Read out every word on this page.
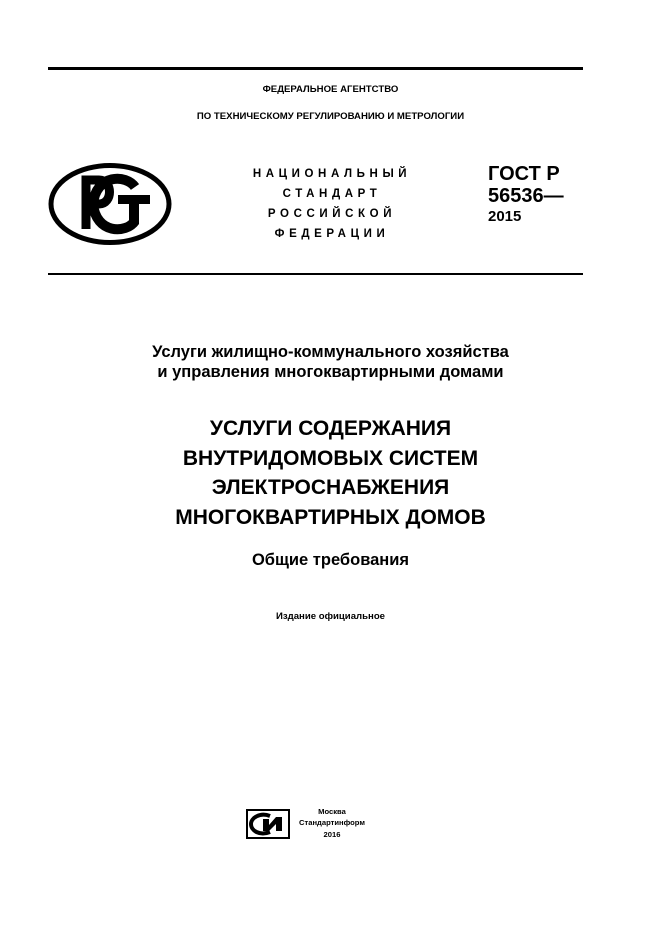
ФЕДЕРАЛЬНОЕ АГЕНТСТВО
ПО ТЕХНИЧЕСКОМУ РЕГУЛИРОВАНИЮ И МЕТРОЛОГИИ
НАЦИОНАЛЬНЫЙ
СТАНДАРТ
РОССИЙСКОЙ
ФЕДЕРАЦИИ
ГОСТ Р
56536—
2015
Услуги жилищно-коммунального хозяйства
и управления многоквартирными домами
УСЛУГИ СОДЕРЖАНИЯ
ВНУТРИДОМОВЫХ СИСТЕМ
ЭЛЕКТРОСНАБЖЕНИЯ
МНОГОКВАРТИРНЫХ ДОМОВ
Общие требования
Издание официальное
Москва
Стандартинформ
2016
